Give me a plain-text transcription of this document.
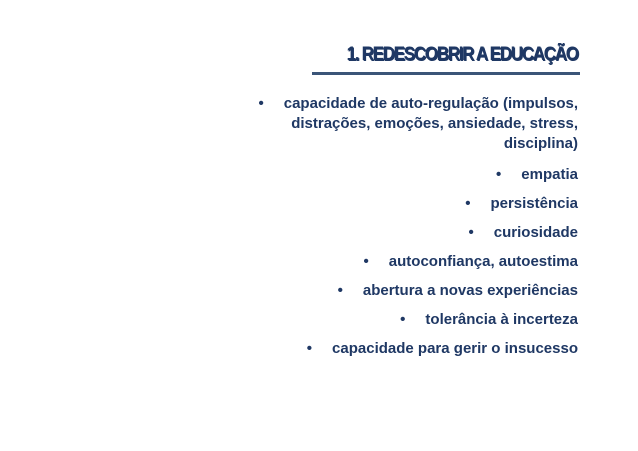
1. REDESCOBRIR A EDUCAÇÃO
• capacidade de auto-regulação (impulsos, distrações, emoções, ansiedade, stress, disciplina)
• empatia
• persistência
• curiosidade
• autoconfiança, autoestima
• abertura a novas experiências
• tolerância à incerteza
• capacidade para gerir o insucesso
